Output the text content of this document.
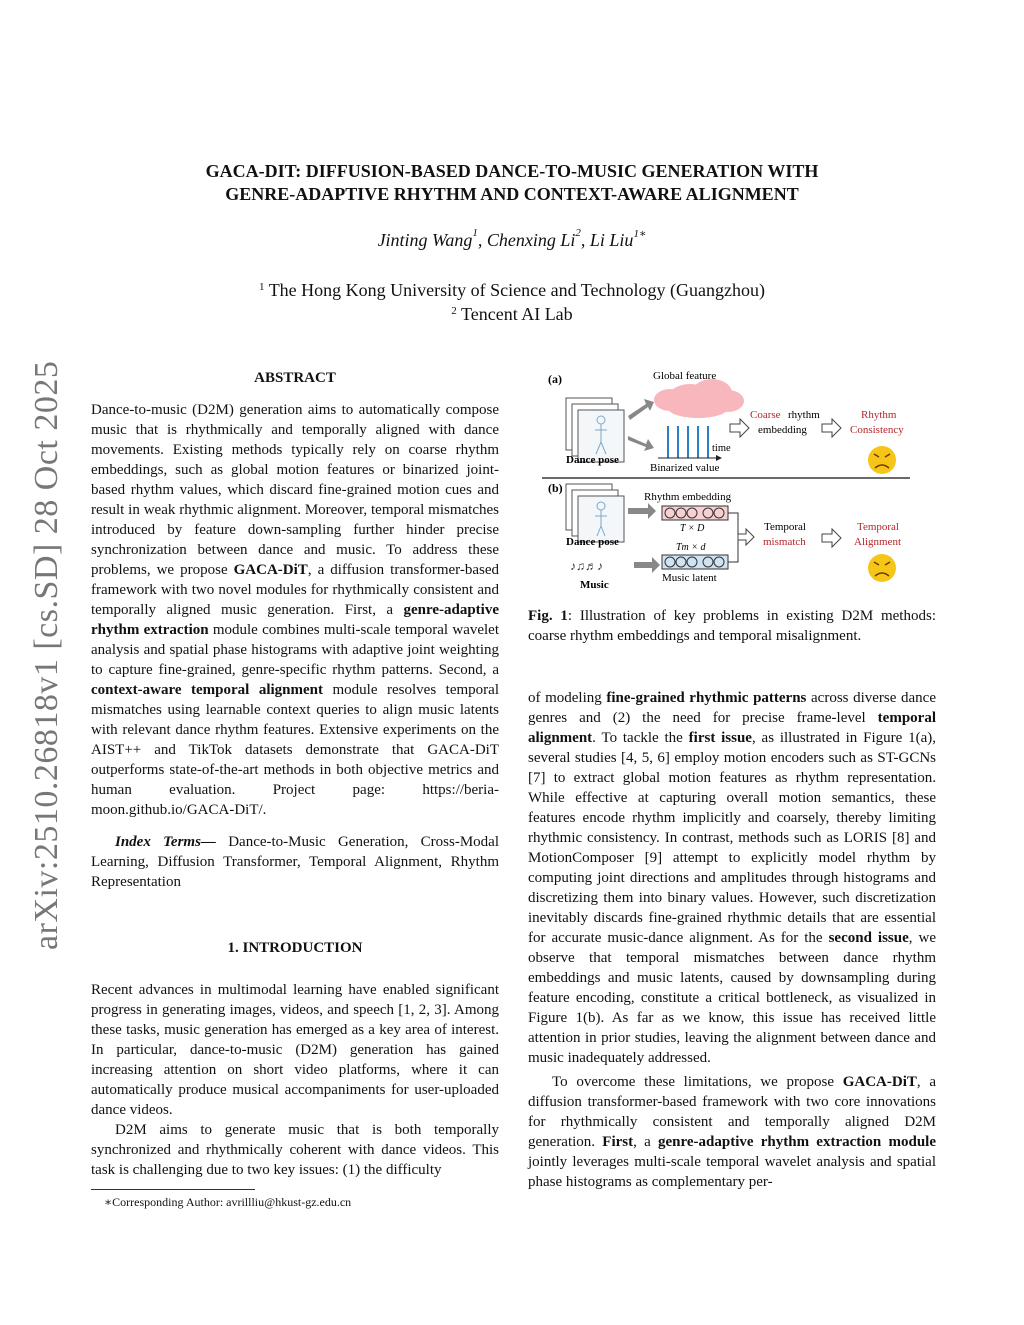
arXiv:2510.26818v1 [cs.SD] 28 Oct 2025
GACA-DIT: DIFFUSION-BASED DANCE-TO-MUSIC GENERATION WITH
GENRE-ADAPTIVE RHYTHM AND CONTEXT-AWARE ALIGNMENT
Jinting Wang$^1$, Chenxing Li$^2$, Li Liu$^{1∗}$
$^1$ The Hong Kong University of Science and Technology (Guangzhou)
$^2$ Tencent AI Lab
ABSTRACT

Dance-to-music (D2M) generation aims to automatically compose music that is rhythmically and temporally aligned with dance movements. Existing methods typically rely on coarse rhythm embeddings, such as global motion features or binarized joint-based rhythm values, which discard fine-grained motion cues and result in weak rhythmic alignment. Moreover, temporal mismatches introduced by feature down-sampling further hinder precise synchronization between dance and music. To address these problems, we propose GACA-DiT, a diffusion transformer-based framework with two novel modules for rhythmically consistent and temporally aligned music generation. First, a genre-adaptive rhythm extraction module combines multi-scale temporal wavelet analysis and spatial phase histograms with adaptive joint weighting to capture fine-grained, genre-specific rhythm patterns. Second, a context-aware temporal alignment module resolves temporal mismatches using learnable context queries to align music latents with relevant dance rhythm features. Extensive experiments on the AIST++ and TikTok datasets demonstrate that GACA-DiT outperforms state-of-the-art methods in both objective metrics and human evaluation. Project page: https://beria-moon.github.io/GACA-DiT/.

Index Terms— Dance-to-Music Generation, Cross-Modal Learning, Diffusion Transformer, Temporal Alignment, Rhythm Representation

1. INTRODUCTION

Recent advances in multimodal learning have enabled significant progress in generating images, videos, and speech [1, 2, 3]. Among these tasks, music generation has emerged as a key area of interest. In particular, dance-to-music (D2M) generation has gained increasing attention on short video platforms, where it can automatically produce musical accompaniments for user-uploaded dance videos.

D2M aims to generate music that is both temporally synchronized and rhythmically coherent with dance videos. This task is challenging due to two key issues: (1) the difficulty

∗Corresponding Author: avrillliu@hkust-gz.edu.cn
(a)
Dance pose
Global feature
time
Binarized value
Coarse rhythm
embedding
Rhythm
Consistency
(b)
Dance pose
♪♫♬♪
Music
Rhythm embedding
T × D
Tm × d
Music latent
Temporal
mismatch
Temporal
Alignment
Fig. 1: Illustration of key problems in existing D2M methods: coarse rhythm embeddings and temporal misalignment.

of modeling fine-grained rhythmic patterns across diverse dance genres and (2) the need for precise frame-level temporal alignment. To tackle the first issue, as illustrated in Figure 1(a), several studies [4, 5, 6] employ motion encoders such as ST-GCNs [7] to extract global motion features as rhythm representation. While effective at capturing overall motion semantics, these features encode rhythm implicitly and coarsely, thereby limiting rhythmic consistency. In contrast, methods such as LORIS [8] and MotionComposer [9] attempt to explicitly model rhythm by computing joint directions and amplitudes through histograms and discretizing them into binary values. However, such discretization inevitably discards fine-grained rhythmic details that are essential for accurate music-dance alignment. As for the second issue, we observe that temporal mismatches between dance rhythm embeddings and music latents, caused by downsampling during feature encoding, constitute a critical bottleneck, as visualized in Figure 1(b). As far as we know, this issue has received little attention in prior studies, leaving the alignment between dance and music inadequately addressed.

To overcome these limitations, we propose GACA-DiT, a diffusion transformer-based framework with two core innovations for rhythmically consistent and temporally aligned D2M generation. First, a genre-adaptive rhythm extraction module jointly leverages multi-scale temporal wavelet analysis and spatial phase histograms as complementary per-
